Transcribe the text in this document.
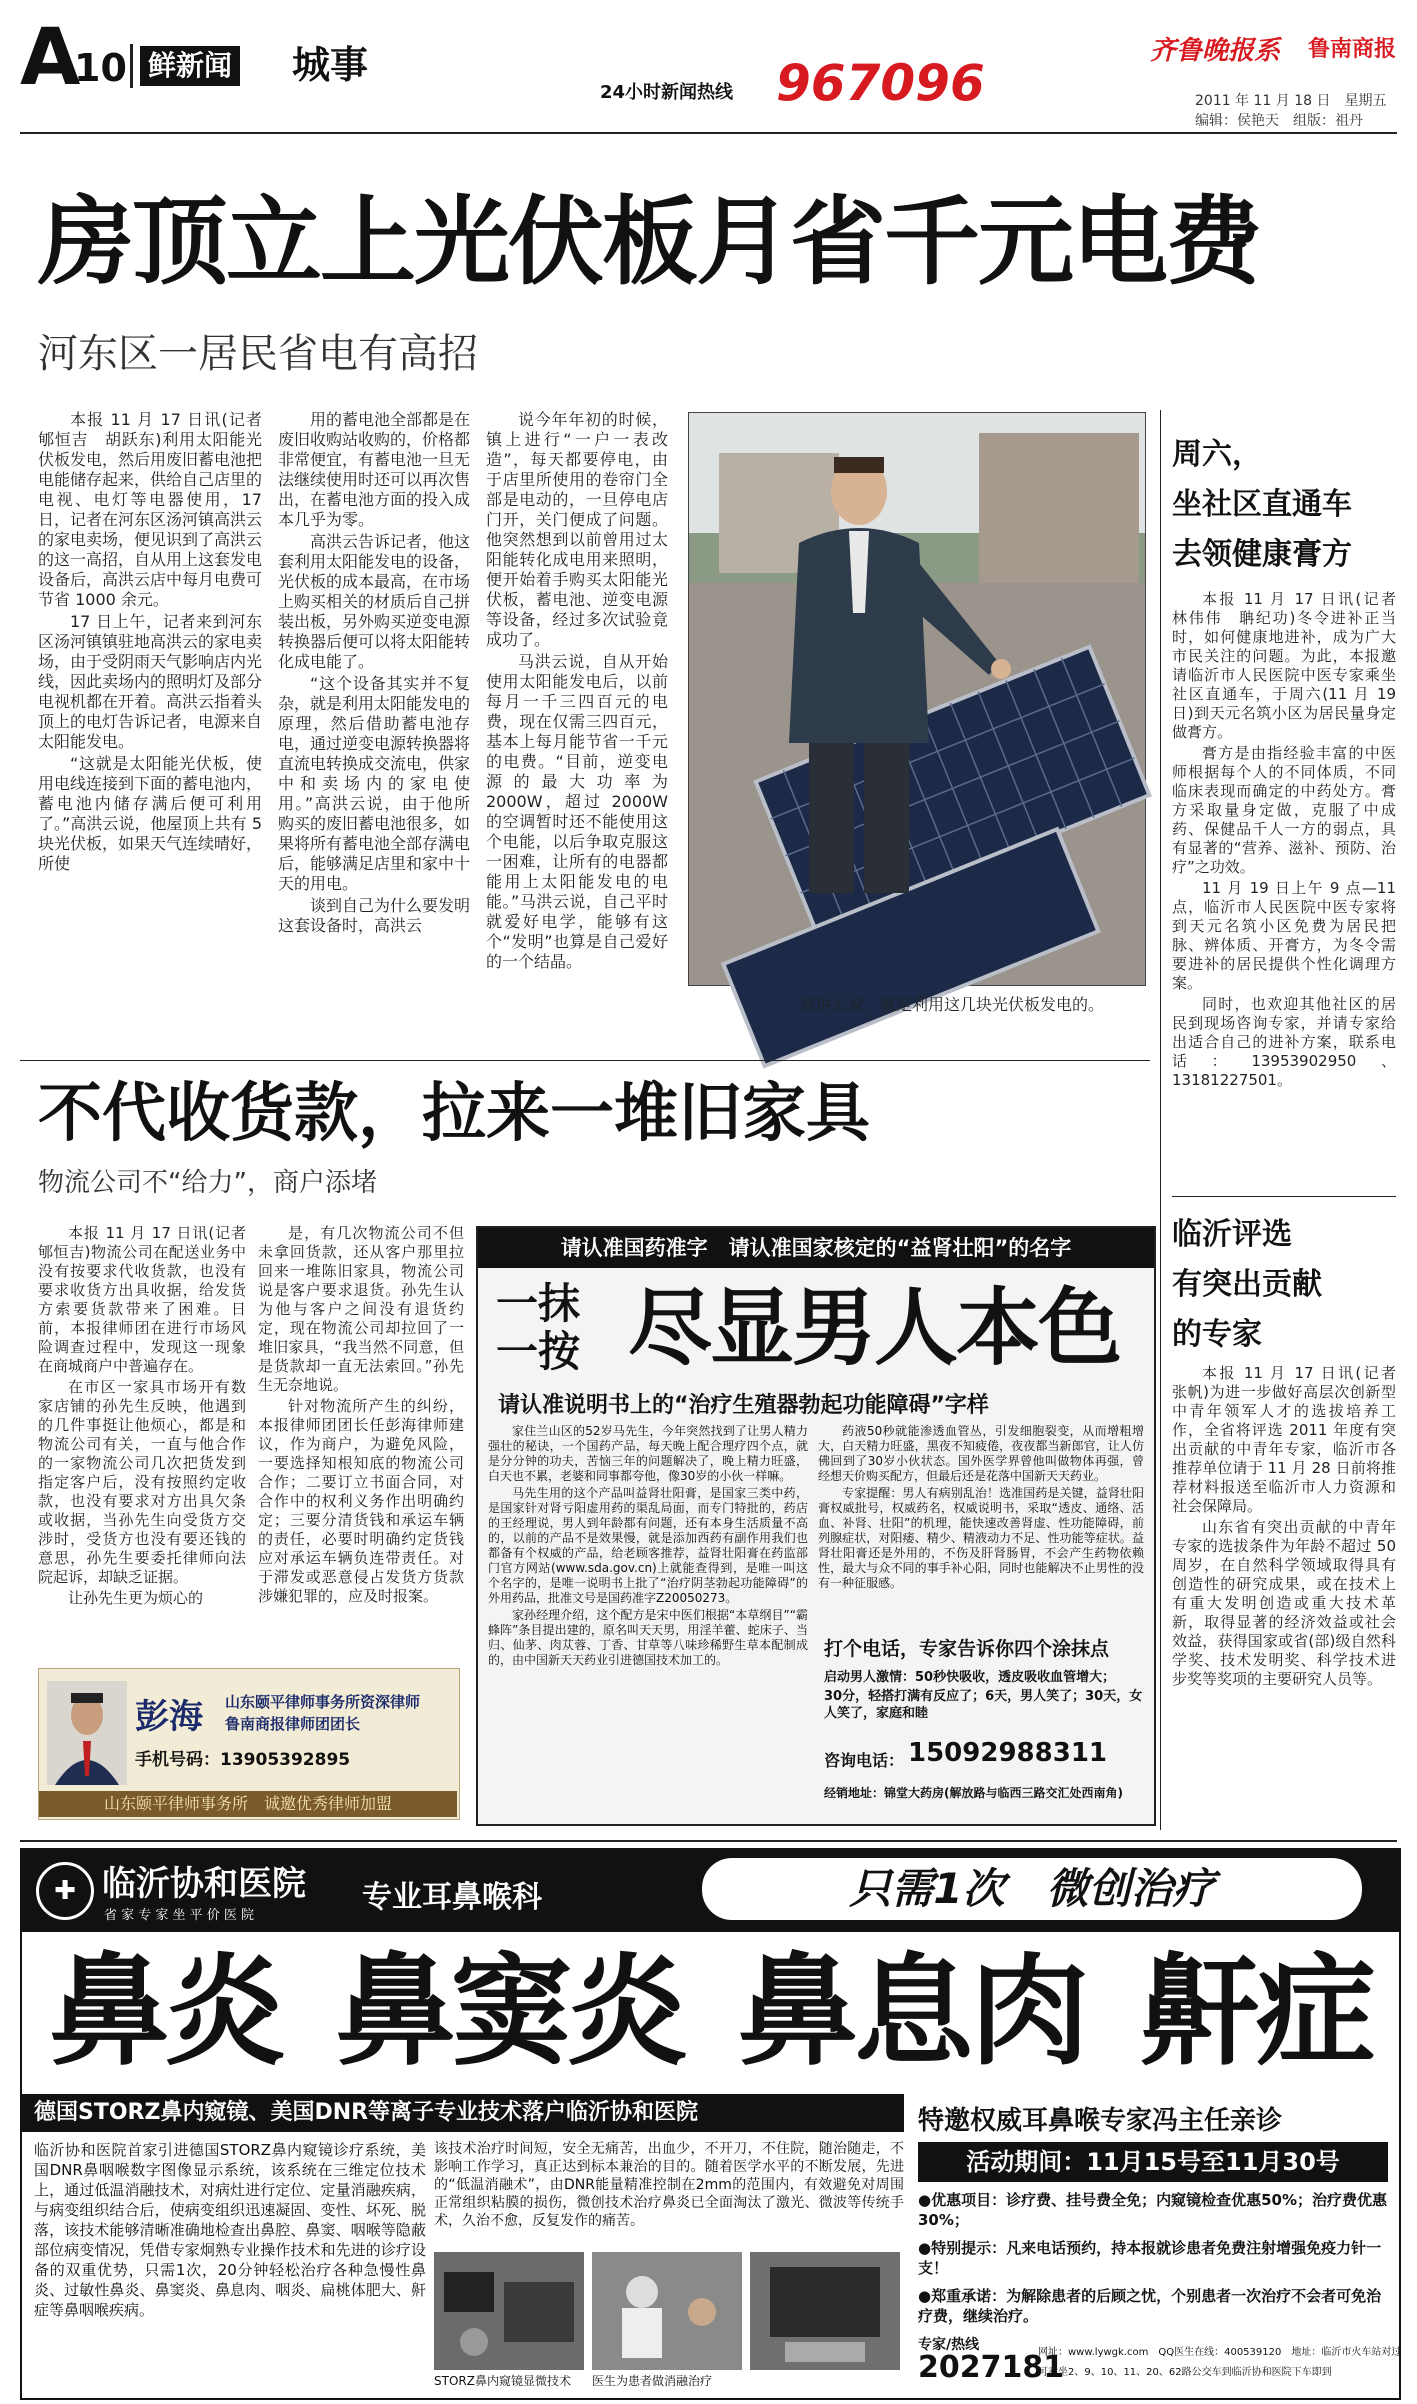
A
10 鲜新闻 城事
24小时新闻热线 967096
齐鲁晚报系 鲁南商报
2011 年 11 月 18 日　星期五
编辑：侯艳天　组版：祖丹
房顶立上光伏板月省千元电费
河东区一居民省电有高招

本报 11 月 17 日讯(记者　郇恒吉　胡跃东)利用太阳能光伏板发电，然后用废旧蓄电池把电能储存起来，供给自己店里的电视、电灯等电器使用，17 日，记者在河东区汤河镇高洪云的家电卖场，便见识到了高洪云的这一高招，自从用上这套发电设备后，高洪云店中每月电费可节省 1000 余元。

17 日上午，记者来到河东区汤河镇镇驻地高洪云的家电卖场，由于受阴雨天气影响店内光线，因此卖场内的照明灯及部分电视机都在开着。高洪云指着头顶上的电灯告诉记者，电源来自太阳能发电。

“这就是太阳能光伏板，使用电线连接到下面的蓄电池内，蓄电池内储存满后便可利用了。”高洪云说，他屋顶上共有 5 块光伏板，如果天气连续晴好，所使

用的蓄电池全部都是在废旧收购站收购的，价格都非常便宜，有蓄电池一旦无法继续使用时还可以再次售出，在蓄电池方面的投入成本几乎为零。

高洪云告诉记者，他这套利用太阳能发电的设备，光伏板的成本最高，在市场上购买相关的材质后自己拼装出板，另外购买逆变电源转换器后便可以将太阳能转化成电能了。

“这个设备其实并不复杂，就是利用太阳能发电的原理，然后借助蓄电池存电，通过逆变电源转换器将直流电转换成交流电，供家中和卖场内的家电使用。”高洪云说，由于他所购买的废旧蓄电池很多，如果将所有蓄电池全部存满电后，能够满足店里和家中十天的用电。

谈到自己为什么要发明这套设备时，高洪云

说今年年初的时候，镇上进行“一户一表改造”，每天都要停电，由于店里所使用的卷帘门全部是电动的，一旦停电店门开，关门便成了问题。他突然想到以前曾用过太阳能转化成电用来照明，便开始着手购买太阳能光伏板，蓄电池、逆变电源等设备，经过多次试验竟成功了。

马洪云说，自从开始使用太阳能发电后，以前每月一千三四百元的电费，现在仅需三四百元，基本上每月能节省一千元的电费。“目前，逆变电源的最大功率为 2000W，超过 2000W 的空调暂时还不能使用这个电能，以后争取克服这一困难，让所有的电器都能用上太阳能发电的电能。”马洪云说，自己平时就爱好电学，能够有这个“发明”也算是自己爱好的一个结晶。

高洪云说，就是利用这几块光伏板发电的。
周六，
坐社区直通车
去领健康膏方

本报 11 月 17 日讯(记者　林伟伟　聃纪功)冬令进补正当时，如何健康地进补，成为广大市民关注的问题。为此，本报邀请临沂市人民医院中医专家乘坐社区直通车，于周六(11 月 19 日)到天元名筑小区为居民量身定做膏方。

膏方是由指经验丰富的中医师根据每个人的不同体质，不同临床表现而确定的中药处方。膏方采取量身定做，克服了中成药、保健品千人一方的弱点，具有显著的“营养、滋补、预防、治疗”之功效。

11 月 19 日上午 9 点—11 点，临沂市人民医院中医专家将到天元名筑小区免费为居民把脉、辨体质、开膏方，为冬令需要进补的居民提供个性化调理方案。

同时，也欢迎其他社区的居民到现场咨询专家，并请专家给出适合自己的进补方案，联系电话：13953902950、13181227501。

临沂评选
有突出贡献
的专家

本报 11 月 17 日讯(记者　张帆)为进一步做好高层次创新型中青年领军人才的选拔培养工作，全省将评选 2011 年度有突出贡献的中青年专家，临沂市各推荐单位请于 11 月 28 日前将推荐材料报送至临沂市人力资源和社会保障局。

山东省有突出贡献的中青年专家的选拔条件为年龄不超过 50 周岁，在自然科学领域取得具有创造性的研究成果，或在技术上有重大发明创造或重大技术革新，取得显著的经济效益或社会效益，获得国家或省(部)级自然科学奖、技术发明奖、科学技术进步奖等奖项的主要研究人员等。

不代收货款，拉来一堆旧家具
物流公司不“给力”，商户添堵

本报 11 月 17 日讯(记者　郇恒吉)物流公司在配送业务中没有按要求代收货款，也没有要求收货方出具收据，给发货方索要货款带来了困难。日前，本报律师团在进行市场风险调查过程中，发现这一现象在商城商户中普遍存在。

在市区一家具市场开有数家店铺的孙先生反映，他遇到的几件事挺让他烦心，都是和物流公司有关，一直与他合作的一家物流公司几次把货发到指定客户后，没有按照约定收款，也没有要求对方出具欠条或收据，当孙先生向受货方交涉时，受货方也没有要还钱的意思，孙先生要委托律师向法院起诉，却缺乏证据。

让孙先生更为烦心的

是，有几次物流公司不但未拿回货款，还从客户那里拉回来一堆陈旧家具，物流公司说是客户要求退货。孙先生认为他与客户之间没有退货约定，现在物流公司却拉回了一堆旧家具，“我当然不同意，但是货款却一直无法索回。”孙先生无奈地说。

针对物流所产生的纠纷，本报律师团团长任彭海律师建议，作为商户，为避免风险，一要选择知根知底的物流公司合作；二要订立书面合同，对合作中的权利义务作出明确约定；三要分清货钱和承运车辆的责任，必要时明确约定货钱应对承运车辆负连带责任。对于滞发或恶意侵占发货方货款涉嫌犯罪的，应及时报案。

彭海 山东颐平律师事务所资深律师
鲁南商报律师团团长
手机号码：13905392895
山东颐平律师事务所　诚邀优秀律师加盟
请认准国药准字　请认准国家核定的“益肾壮阳”的名字
一抹
一按 尽显男人本色
请认准说明书上的“治疗生殖器勃起功能障碍”字样

家住兰山区的52岁马先生，今年突然找到了让男人精力强壮的秘诀，一个国药产品，每天晚上配合理疗四个点，就是分分钟的功夫，苦恼三年的问题解决了，晚上精力旺盛，白天也不累，老婆和同事都夸他，像30岁的小伙一样嘛。

马先生用的这个产品叫益肾壮阳膏，是国家三类中药，是国家针对肾亏阳虚用药的渠乱局面，而专门特批的，药店的王经理说，男人到年龄都有问题，还有本身生活质量不高的，以前的产品不是效果慢，就是添加西药有副作用我们也都备有个权威的产品，给老顾客推荐，益肾壮阳膏在药监部门官方网站(www.sda.gov.cn)上就能查得到，是唯一叫这个名字的，是唯一说明书上批了“治疗阴茎勃起功能障碍”的外用药品，批准文号是国药准字Z20050273。

家孙经理介绍，这个配方是宋中医们根据“本草纲目”“霸蜂阵”条目提出建的，原名叫天天男，用淫羊藿、蛇床子、当归、仙茅、肉苁蓉、丁香、甘草等八味珍稀野生草本配制成的，由中国新天天药业引进德国技术加工的。

药液50秒就能渗透血管丛，引发细胞裂变，从而增粗增大，白天精力旺盛，黑夜不知疲倦，夜夜都当新郎官，让人仿佛回到了30岁小伙状态。国外医学界曾他叫做物体再强，曾经想天价购买配方，但最后还是花落中国新天天药业。

专家提醒：男人有病别乱治！选准国药是关键，益肾壮阳膏权威批号，权威药名，权威说明书，采取“透皮、通络、活血、补肾、壮阳”的机理，能快速改善肾虚、性功能障碍，前列腺症状，对阳痿、精少、精液动力不足、性功能等症状。益肾壮阳膏还是外用的，不伤及肝肾肠胃，不会产生药物依赖性，最大与众不同的事手补心阳，同时也能解决不止男性的没有一种征服感。

打个电话，专家告诉你四个涂抹点
启动男人激情：50秒快吸收，透皮吸收血管增大；
30分，轻搭打满有反应了；6天，男人笑了；30天，女人笑了，家庭和睦
咨询电话： 15092988311
经销地址：锦堂大药房(解放路与临西三路交汇处西南角)
✚ 临沂协和医院
省 家 专 家 坐 平 价 医 院
专业耳鼻喉科	只需1次　微创治疗
鼻炎 鼻窦炎 鼻息肉 鼾症
德国STORZ鼻内窥镜、美国DNR等离子专业技术落户临沂协和医院
临沂协和医院首家引进德国STORZ鼻内窥镜诊疗系统，美国DNR鼻咽喉数字图像显示系统，该系统在三维定位技术上，通过低温消融技术，对病灶进行定位、定量消融疾病，与病变组织结合后，使病变组织迅速凝固、变性、坏死、脱落，该技术能够清晰准确地检查出鼻腔、鼻窦、咽喉等隐蔽部位病变情况，凭借专家炯熟专业操作技术和先进的诊疗设备的双重优势，只需1次，20分钟轻松治疗各种急慢性鼻炎、过敏性鼻炎、鼻窦炎、鼻息肉、咽炎、扁桃体肥大、鼾症等鼻咽喉疾病。
该技术治疗时间短，安全无痛苦，出血少，不开刀，不住院，随治随走，不影响工作学习，真正达到标本兼治的目的。随着医学水平的不断发展，先进的“低温消融术”，由DNR能量精准控制在2mm的范围内，有效避免对周围正常组织粘膜的损伤，微创技术治疗鼻炎已全面淘汰了激光、微波等传统手术，久治不愈，反复发作的痛苦。
STORZ鼻内窥镜显微技术 医生为患者做消融治疗
特邀权威耳鼻喉专家冯主任亲诊
活动期间：11月15号至11月30号
●优惠项目：诊疗费、挂号费全免；内窥镜检查优惠50%；治疗费优惠30%；
●特别提示：凡来电话预约，持本报就诊患者免费注射增强免疫力针一支！
●郑重承诺：为解除患者的后顾之忧，个别患者一次治疗不会者可免治疗费，继续治疗。
专家/热线
2027181
网址：www.lywgk.com　QQ医生在线：400539120　地址：临沂市火车站对过
可乘坐2、9、10、11、20、62路公交车到临沂协和医院下车即到
